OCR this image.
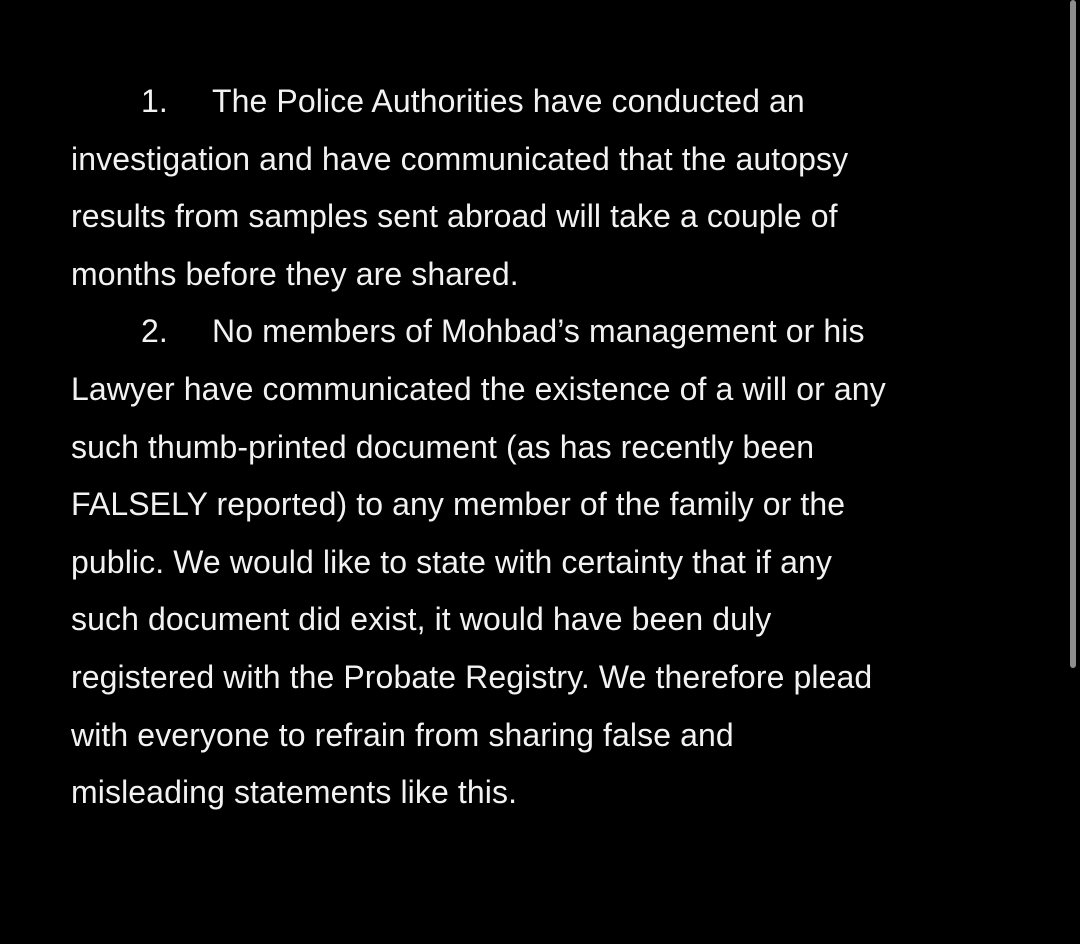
1. The Police Authorities have conducted an
investigation and have communicated that the autopsy
results from samples sent abroad will take a couple of
months before they are shared.
2. No members of Mohbad’s management or his
Lawyer have communicated the existence of a will or any
such thumb-printed document (as has recently been
FALSELY reported) to any member of the family or the
public. We would like to state with certainty that if any
such document did exist, it would have been duly
registered with the Probate Registry. We therefore plead
with everyone to refrain from sharing false and
misleading statements like this.
